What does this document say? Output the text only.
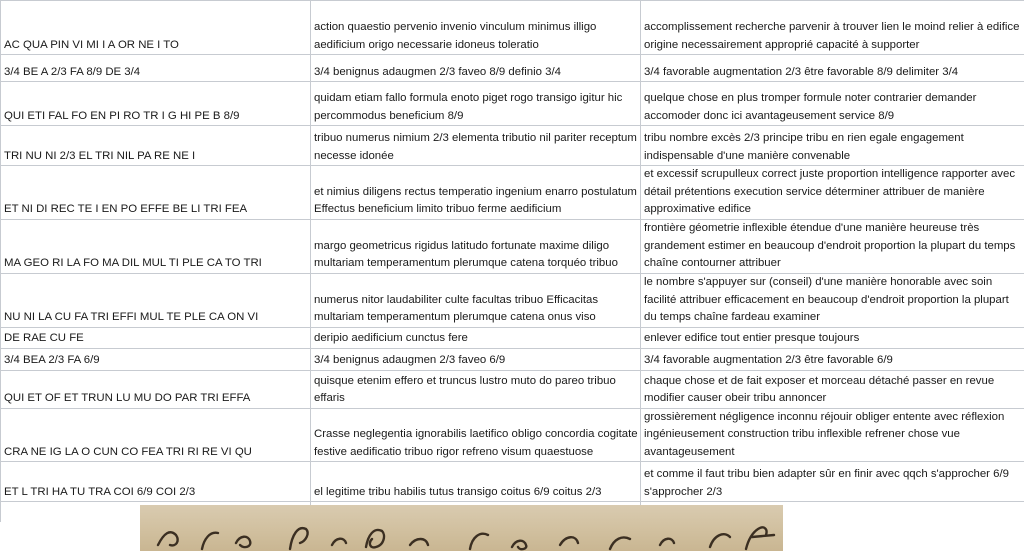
AC QUA PIN VI MI I A OR NE I TO	action quaestio pervenio invenio vinculum minimus illigo aedificium origo necessarie idoneus toleratio	accomplissement recherche parvenir à trouver lien le moind relier à edifice origine necessairement approprié capacité à supporter
3/4 BE A 2/3 FA 8/9 DE 3/4	3/4 benignus adaugmen 2/3 faveo 8/9 definio 3/4	3/4 favorable augmentation 2/3 être favorable 8/9 delimiter 3/4
QUI ETI FAL FO EN PI RO TR I G HI PE B 8/9	quidam etiam fallo formula enoto piget rogo transigo igitur hic percommodus beneficium 8/9	quelque chose en plus tromper formule noter contrarier demander accomoder donc ici avantageusement service 8/9
TRI NU NI 2/3 EL TRI NIL PA RE NE I	tribuo numerus nimium 2/3 elementa tributio nil pariter receptum necesse idonée	tribu nombre excès 2/3 principe tribu en rien egale engagement indispensable d'une manière convenable
ET NI DI REC TE I EN PO EFFE BE LI TRI FEA	et nimius diligens rectus temperatio ingenium enarro postulatum Effectus beneficium limito tribuo ferme aedificium	et excessif scrupulleux correct juste proportion intelligence rapporter avec détail prétentions execution service déterminer attribuer de manière approximative edifice
MA GEO RI LA FO MA DIL MUL TI PLE CA TO TRI	margo geometricus rigidus latitudo fortunate maxime diligo multariam temperamentum plerumque catena torquéo tribuo	frontière géometrie inflexible étendue d'une manière heureuse très grandement estimer en beaucoup d'endroit proportion la plupart du temps chaîne contourner attribuer
NU NI LA CU FA TRI EFFI MUL TE PLE CA ON VI	numerus nitor laudabiliter culte facultas tribuo Efficacitas multariam temperamentum plerumque catena onus viso	le nombre s'appuyer sur (conseil) d'une manière honorable avec soin facilité attribuer efficacement en beaucoup d'endroit proportion la plupart du temps chaîne fardeau examiner
DE RAE CU FE	deripio aedificium cunctus fere	enlever edifice tout entier presque toujours
3/4 BEA 2/3 FA 6/9	3/4 benignus adaugmen 2/3 faveo 6/9	3/4 favorable augmentation 2/3 être favorable 6/9
QUI ET OF ET TRUN LU MU DO PAR TRI EFFA	quisque etenim effero et truncus lustro muto do pareo tribuo effaris	chaque chose et de fait exposer et morceau détaché passer en revue modifier causer obeir tribu annoncer
CRA NE IG LA O CUN CO FEA TRI RI RE VI QU	Crasse neglegentia ignorabilis laetifico obligo concordia cogitate festive aedificatio tribuo rigor refreno visum quaestuose	grossièrement négligence inconnu réjouir obliger entente avec réflexion ingénieusement construction tribu inflexible refrener chose vue avantageusement
ET L TRI HA TU TRA COI 6/9 COI 2/3	el legitime tribu habilis tutus transigo coitus 6/9 coitus 2/3	et comme il faut tribu bien adapter sûr en finir avec qqch s'approcher 6/9 s'approcher 2/3
